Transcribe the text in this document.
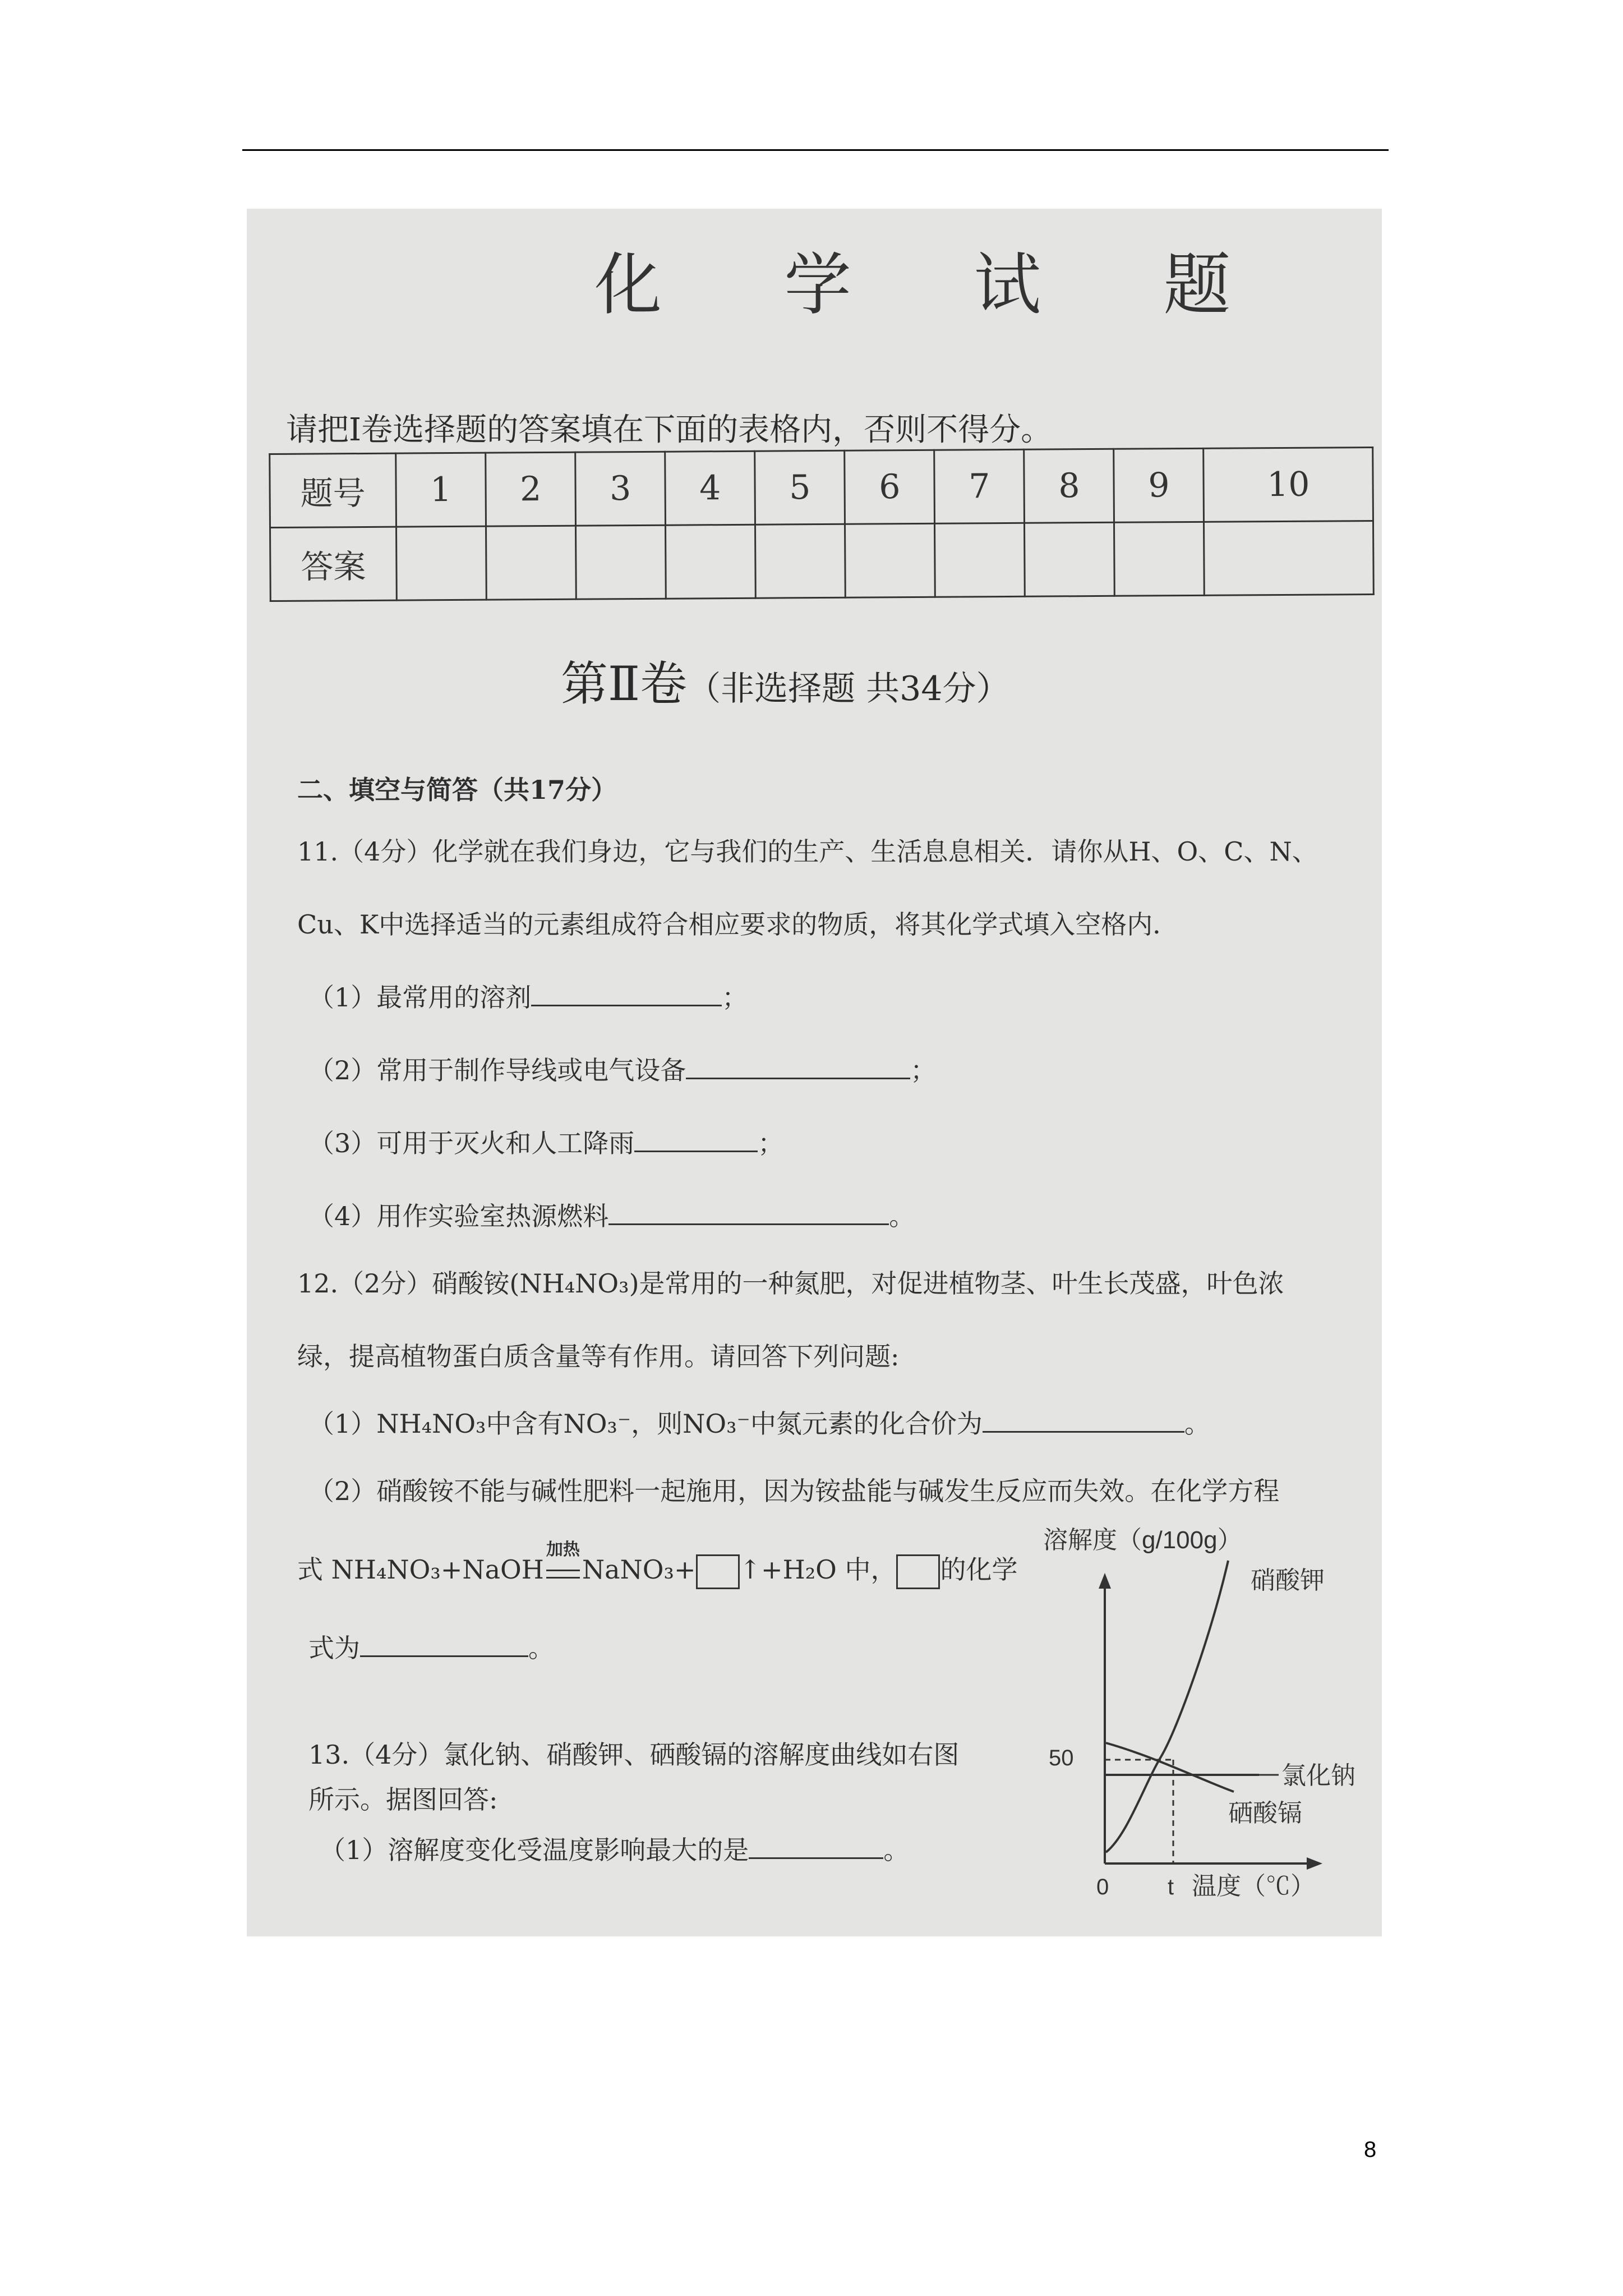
化 学 试 题
请把Ⅰ卷选择题的答案填在下面的表格内，否则不得分。
题号	1	2	3	4	5	6	7	8	9	10
答案										
第Ⅱ卷（非选择题 共34分）
二、填空与简答（共17分）
11.（4分）化学就在我们身边，它与我们的生产、生活息息相关．请你从H、O、C、N、
Cu、K中选择适当的元素组成符合相应要求的物质，将其化学式填入空格内．
（1）最常用的溶剂	；
（2）常用于制作导线或电气设备	；
（3）可用于灭火和人工降雨	；
（4）用作实验室热源燃料	。
12.（2分）硝酸铵(NH₄NO₃)是常用的一种氮肥，对促进植物茎、叶生长茂盛，叶色浓
绿，提高植物蛋白质含量等有作用。请回答下列问题:
（1）NH₄NO₃中含有NO₃⁻，则NO₃⁻中氮元素的化合价为	。
（2）硝酸铵不能与碱性肥料一起施用，因为铵盐能与碱发生反应而失效。在化学方程
式 NH₄NO₃+NaOH
加热
NaNO₃+ ↑+H₂O 中， 的化学
式为	。
13.（4分）氯化钠、硝酸钾、硒酸镉的溶解度曲线如右图
所示。据图回答:
（1）溶解度变化受温度影响最大的是	。
溶解度（g/100g）
50
硝酸钾
氯化钠
硒酸镉
0	t 温度（℃）
8
